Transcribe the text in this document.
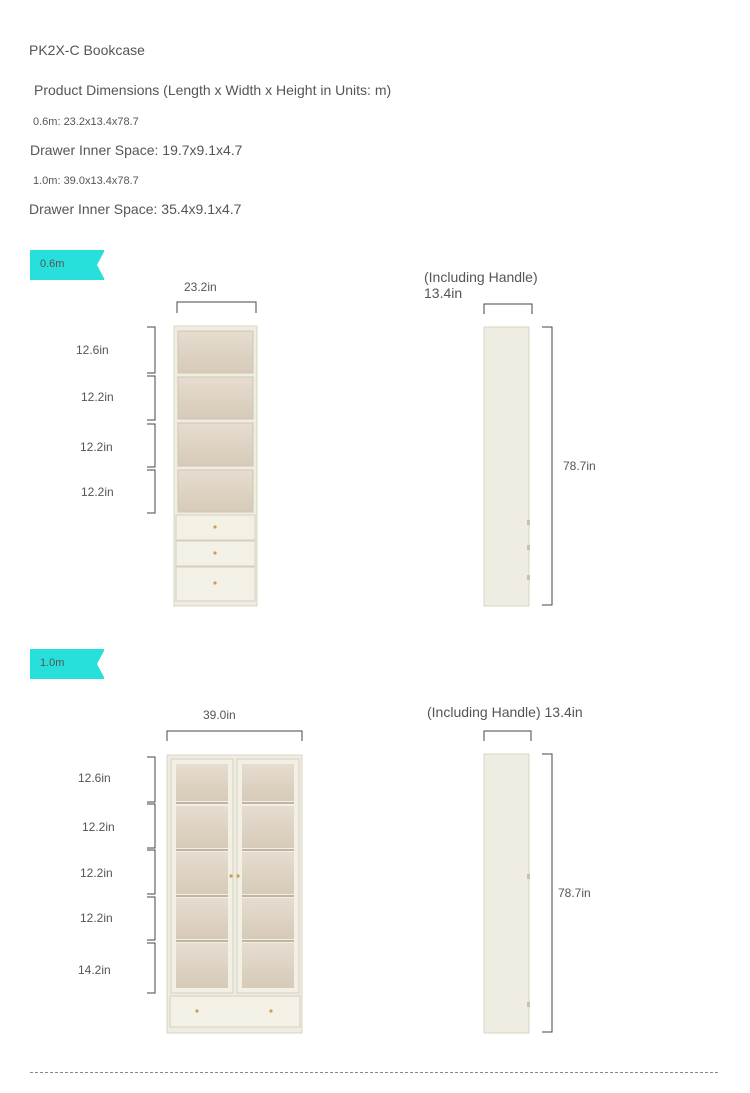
PK2X-C Bookcase
Product Dimensions (Length x Width x Height in Units: m)
0.6m: 23.2x13.4x78.7
Drawer Inner Space: 19.7x9.1x4.7
1.0m: 39.0x13.4x78.7
Drawer Inner Space: 35.4x9.1x4.7
0.6m
1.0m
23.2in
12.6in
12.2in
12.2in
12.2in
(Including Handle)
13.4in
78.7in
39.0in
12.6in
12.2in
12.2in
12.2in
14.2in
(Including Handle) 13.4in
78.7in
